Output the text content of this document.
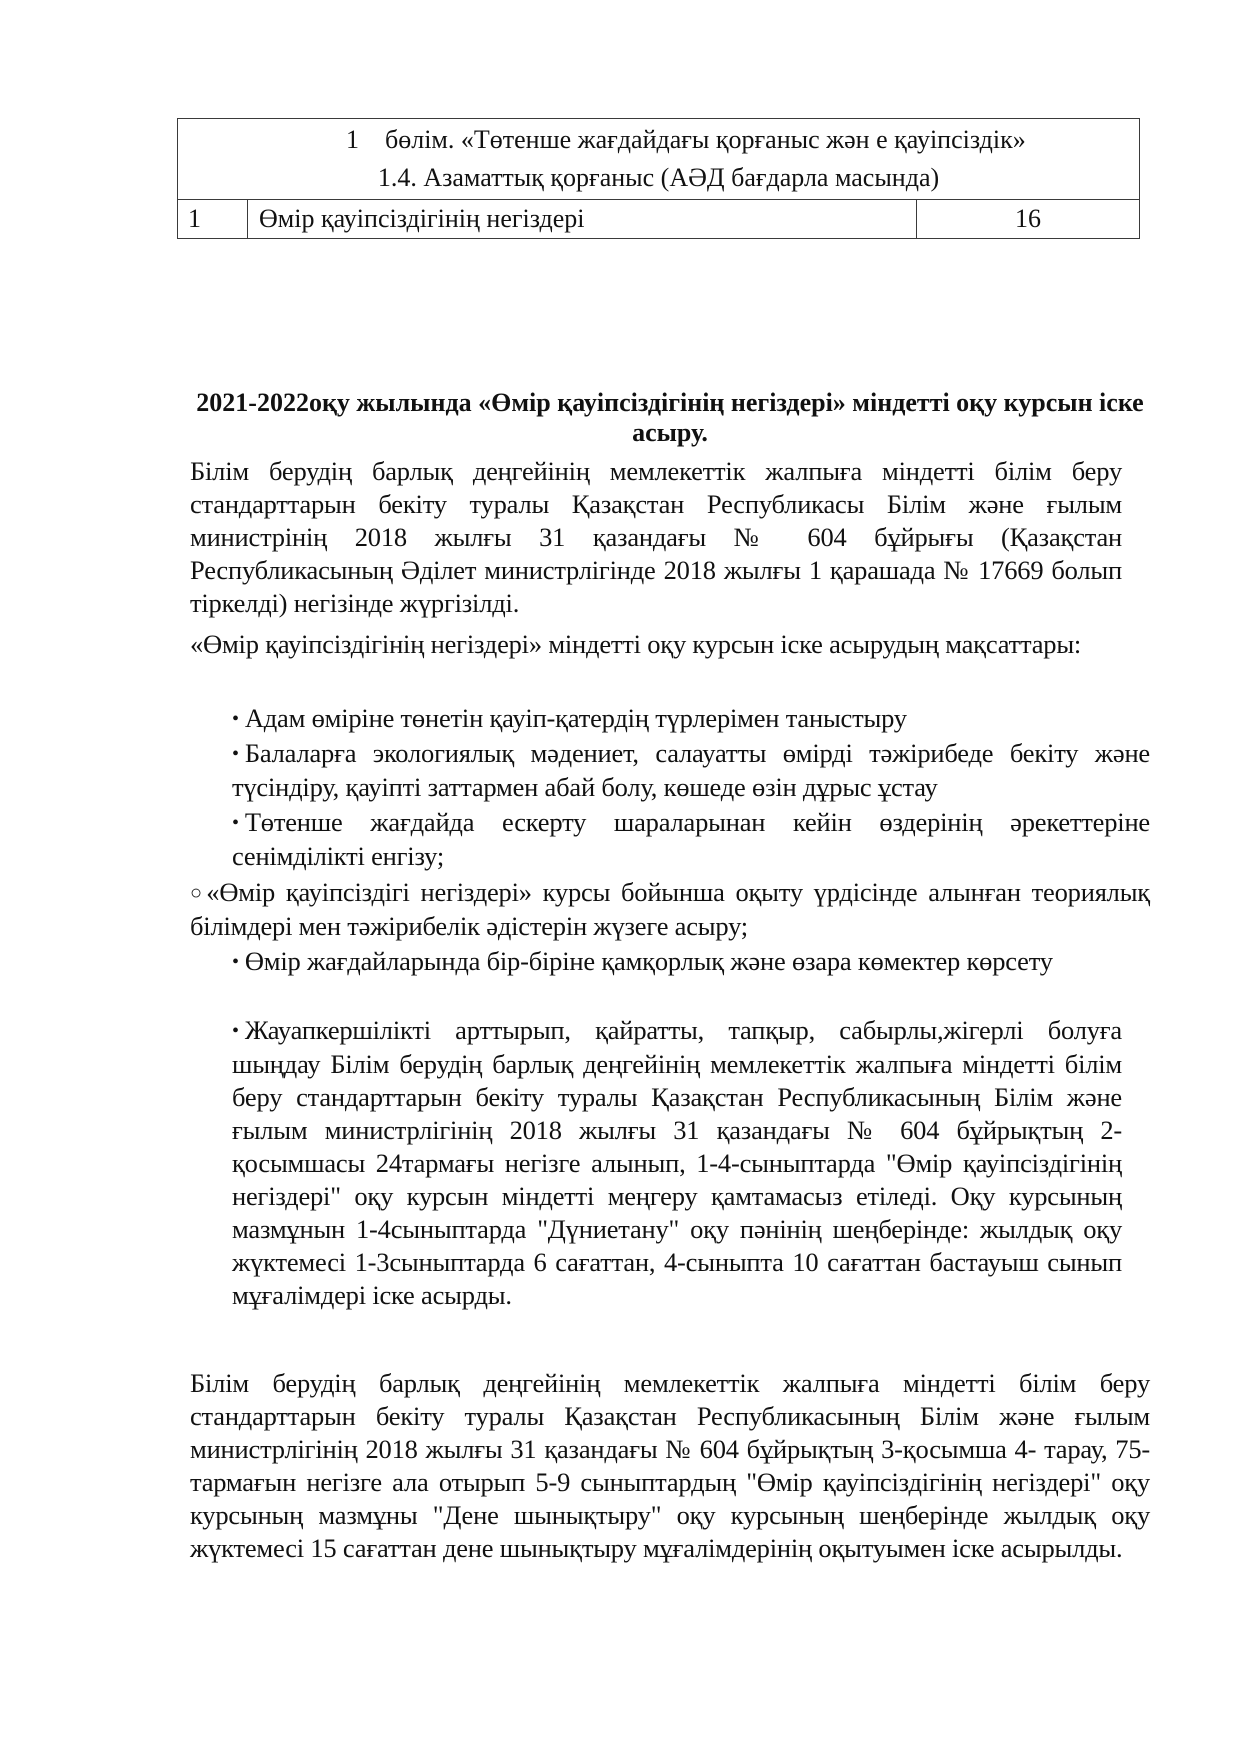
1 бөлім. «Төтенше жағдайдағы қорғаныс жән е қауіпсіздік»
1.4. Азаматтық қорғаныс (АӘД бағдарла масында)

1	Өмір қауіпсіздігінің негіздері	16
2021-2022оқу жылында «Өмір қауіпсіздігінің негіздері» міндетті оқу курсын іске асыру.
Білім берудің барлық деңгейінің мемлекеттік жалпыға міндетті білім беру стандарттарын бекіту туралы Қазақстан Республикасы Білім және ғылым министрінің 2018 жылғы 31 қазандағы № 604 бұйрығы (Қазақстан Республикасының Әділет министрлігінде 2018 жылғы 1 қарашада № 17669 болып тіркелді) негізінде жүргізілді.
«Өмір қауіпсіздігінің негіздері» міндетті оқу курсын іске асырудың мақсаттары:
• Адам өміріне төнетін қауіп-қатердің түрлерімен таныстыру
• Балаларға экологиялық мәдениет, салауатты өмірді тәжірибеде бекіту және түсіндіру, қауіпті заттармен абай болу, көшеде өзін дұрыс ұстау
• Төтенше жағдайда ескерту шараларынан кейін өздерінің әрекеттеріне сенімділікті енгізу;
○«Өмір қауіпсіздігі негіздері» курсы бойынша оқыту үрдісінде алынған теориялық білімдері мен тәжірибелік әдістерін жүзеге асыру;
• Өмір жағдайларында бір-біріне қамқорлық және өзара көмектер көрсету
• Жауапкершілікті арттырып, қайратты, тапқыр, сабырлы,жігерлі болуға шыңдау Білім берудің барлық деңгейінің мемлекеттік жалпыға міндетті білім беру стандарттарын бекіту туралы Қазақстан Республикасының Білім және ғылым министрлігінің 2018 жылғы 31 қазандағы № 604 бұйрықтың 2-қосымшасы 24тармағы негізге алынып, 1-4-сыныптарда "Өмір қауіпсіздігінің негіздері" оқу курсын міндетті меңгеру қамтамасыз етіледі. Оқу курсының мазмұнын 1-4сыныптарда "Дүниетану" оқу пәнінің шеңберінде: жылдық оқу жүктемесі 1-3сыныптарда 6 сағаттан, 4-сыныпта 10 сағаттан бастауыш сынып мұғалімдері іске асырды.
Білім берудің барлық деңгейінің мемлекеттік жалпыға міндетті білім беру стандарттарын бекіту туралы Қазақстан Республикасының Білім және ғылым министрлігінің 2018 жылғы 31 қазандағы № 604 бұйрықтың 3-қосымша 4- тарау, 75-тармағын негізге ала отырып 5-9 сыныптардың "Өмір қауіпсіздігінің негіздері" оқу курсының мазмұны "Дене шынықтыру" оқу курсының шеңберінде жылдық оқу жүктемесі 15 сағаттан дене шынықтыру мұғалімдерінің оқытуымен іске асырылды.
